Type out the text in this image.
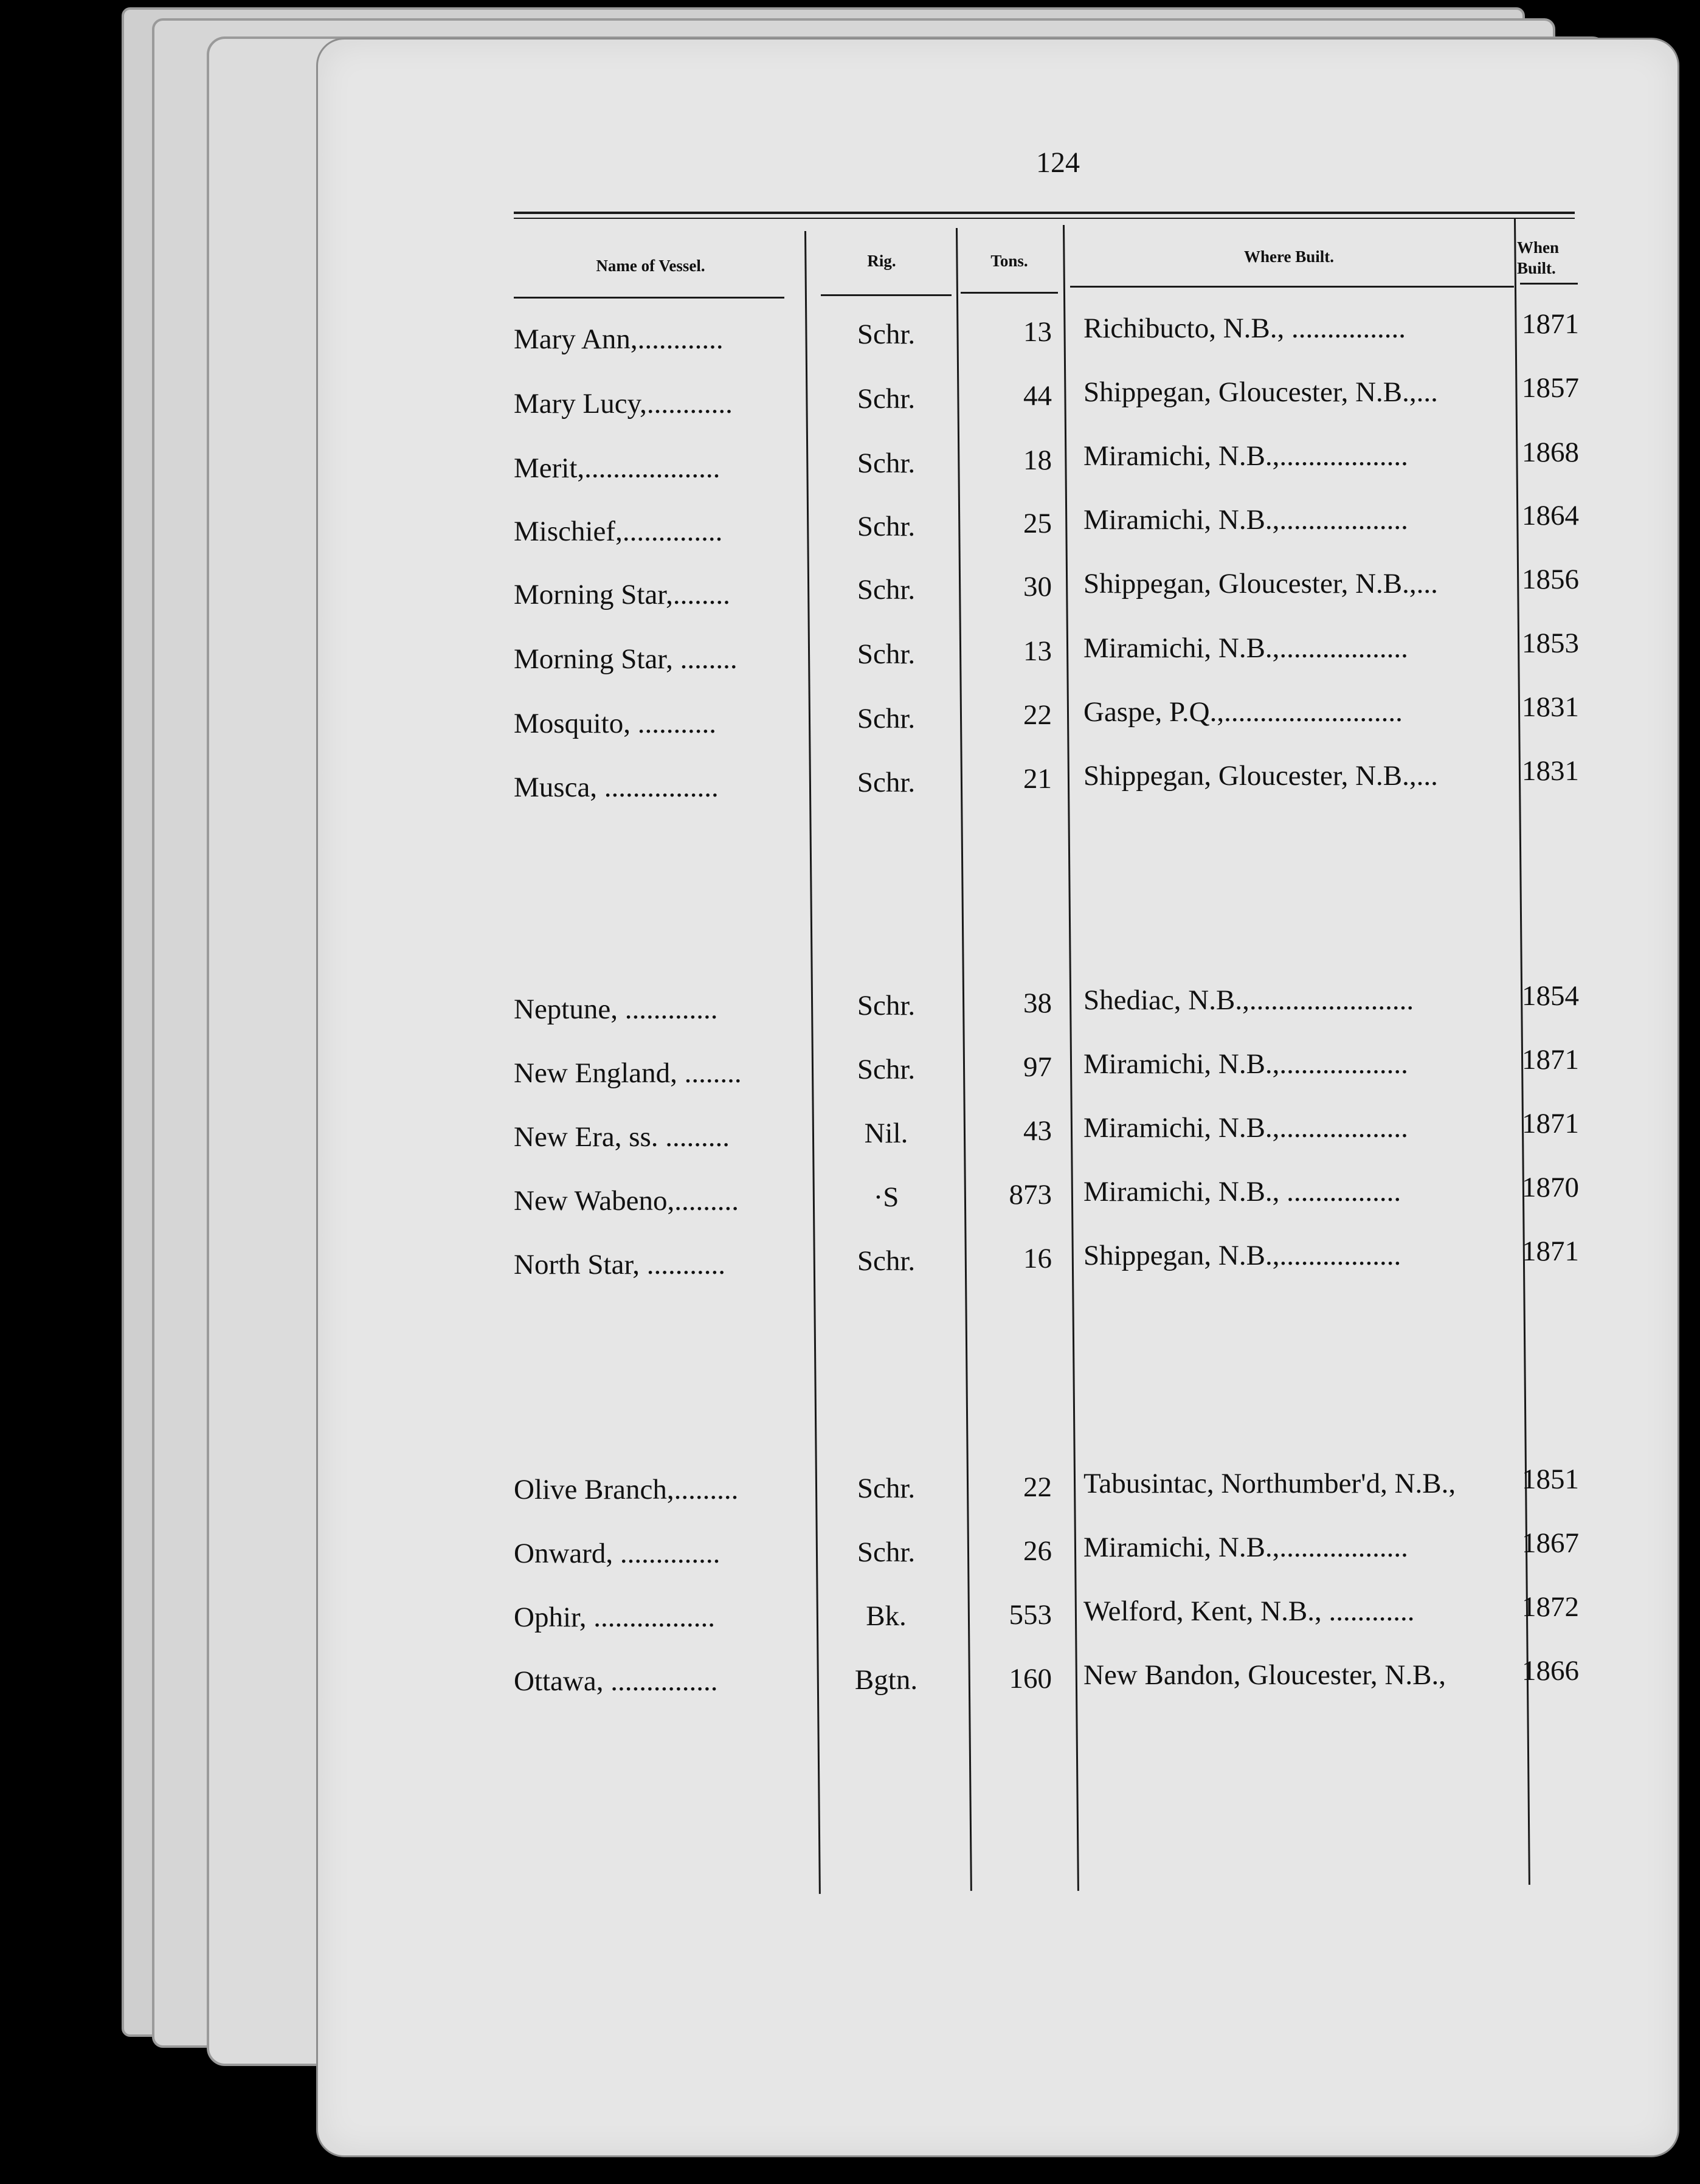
124
Name of Vessel.	Rig.	Tons.	Where Built.	When Built.
Mary Ann,............	Schr.	13 Richibucto, N.B., ................	1871
Mary Lucy,............	Schr.	44 Shippegan, Gloucester, N.B.,...	1857
Merit,...................	Schr.	18 Miramichi, N.B.,..................	1868
Mischief,..............	Schr.	25 Miramichi, N.B.,..................	1864
Morning Star,........	Schr.	30 Shippegan, Gloucester, N.B.,...	1856
Morning Star, ........	Schr.	13 Miramichi, N.B.,..................	1853
Mosquito, ...........	Schr.	22 Gaspe, P.Q.,.........................	1831
Musca, ................	Schr.	21 Shippegan, Gloucester, N.B.,...	1831
Neptune, .............	Schr.	38 Shediac, N.B.,.......................	1854
New England, ........	Schr.	97 Miramichi, N.B.,..................	1871
New Era, ss. .........	Nil.	43 Miramichi, N.B.,..................	1871
New Wabeno,.........	·S	873 Miramichi, N.B., ................	1870
North Star, ...........	Schr.	16 Shippegan, N.B.,.................	1871
Olive Branch,.........	Schr.	22 Tabusintac, Northumber'd, N.B.,	1851
Onward, ..............	Schr.	26 Miramichi, N.B.,..................	1867
Ophir, .................	Bk.	553 Welford, Kent, N.B., ............	1872
Ottawa, ...............	Bgtn.	160 New Bandon, Gloucester, N.B.,	1866
